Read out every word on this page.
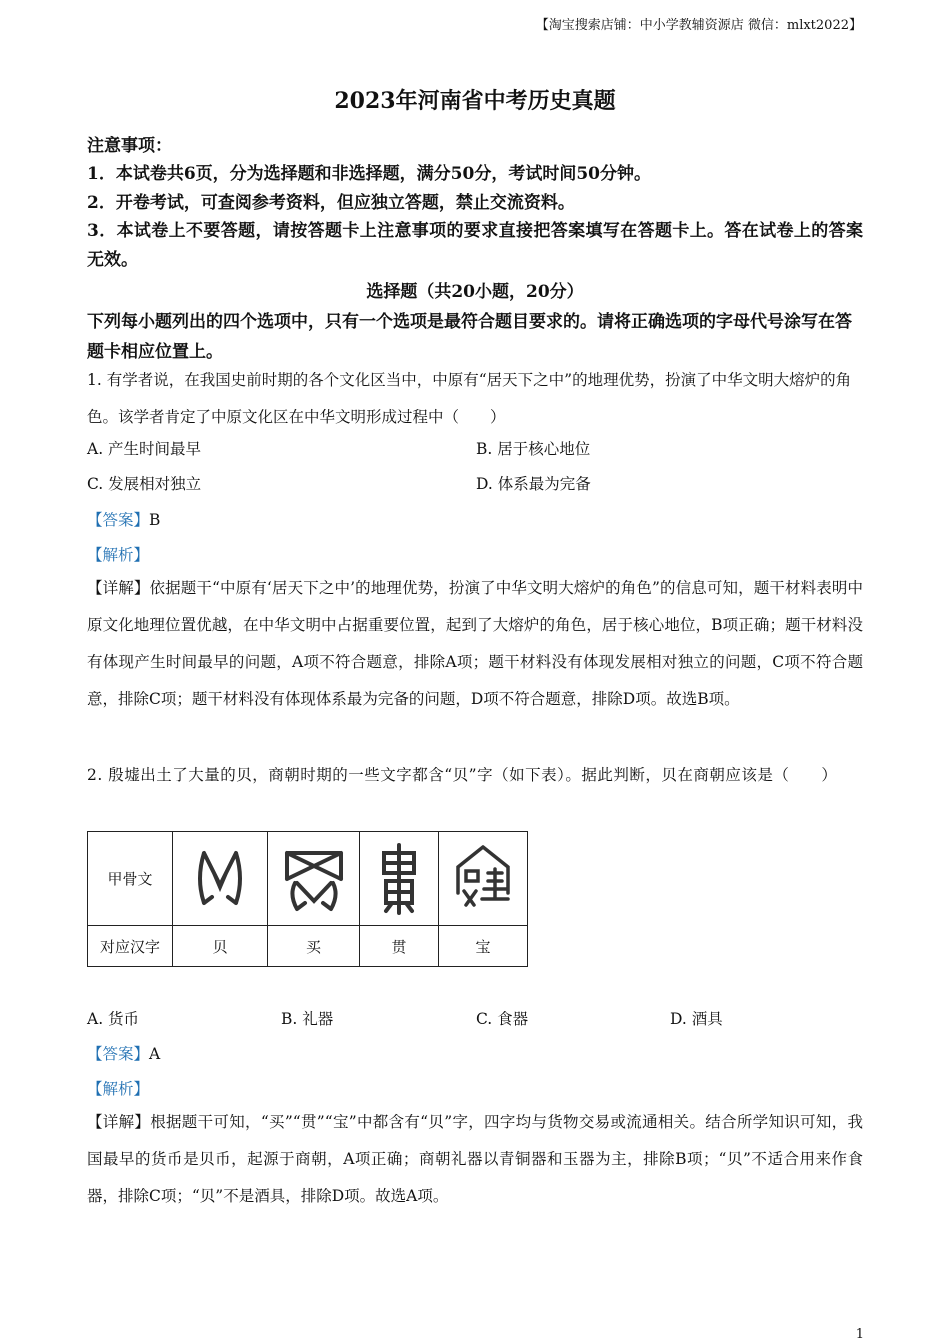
【淘宝搜索店铺：中小学教辅资源店 微信：mlxt2022】
2023年河南省中考历史真题
注意事项：
1．本试卷共6页，分为选择题和非选择题，满分50分，考试时间50分钟。
2．开卷考试，可查阅参考资料，但应独立答题，禁止交流资料。
3．本试卷上不要答题，请按答题卡上注意事项的要求直接把答案填写在答题卡上。答在试卷上的答案无效。
选择题（共20小题，20分）
下列每小题列出的四个选项中，只有一个选项是最符合题目要求的。请将正确选项的字母代号涂写在答题卡相应位置上。
1. 有学者说，在我国史前时期的各个文化区当中，中原有“居天下之中”的地理优势，扮演了中华文明大熔炉的角色。该学者肯定了中原文化区在中华文明形成过程中（　　）
A. 产生时间最早	B. 居于核心地位
C. 发展相对独立	D. 体系最为完备
【答案】B
【解析】
【详解】依据题干“中原有‘居天下之中’的地理优势，扮演了中华文明大熔炉的角色”的信息可知，题干材料表明中原文化地理位置优越，在中华文明中占据重要位置，起到了大熔炉的角色，居于核心地位，B项正确；题干材料没有体现产生时间最早的问题，A项不符合题意，排除A项；题干材料没有体现发展相对独立的问题，C项不符合题意，排除C项；题干材料没有体现体系最为完备的问题，D项不符合题意，排除D项。故选B项。
2. 殷墟出土了大量的贝，商朝时期的一些文字都含“贝”字（如下表）。据此判断，贝在商朝应该是（　　）
甲骨文	

对应汉字	贝	买	贯	宝
A. 货币	B. 礼器	C. 食器	D. 酒具
【答案】A
【解析】
【详解】根据题干可知，“买”“贯”“宝”中都含有“贝”字，四字均与货物交易或流通相关。结合所学知识可知，我国最早的货币是贝币，起源于商朝，A项正确；商朝礼器以青铜器和玉器为主，排除B项；“贝”不适合用来作食器，排除C项；“贝”不是酒具，排除D项。故选A项。
1
